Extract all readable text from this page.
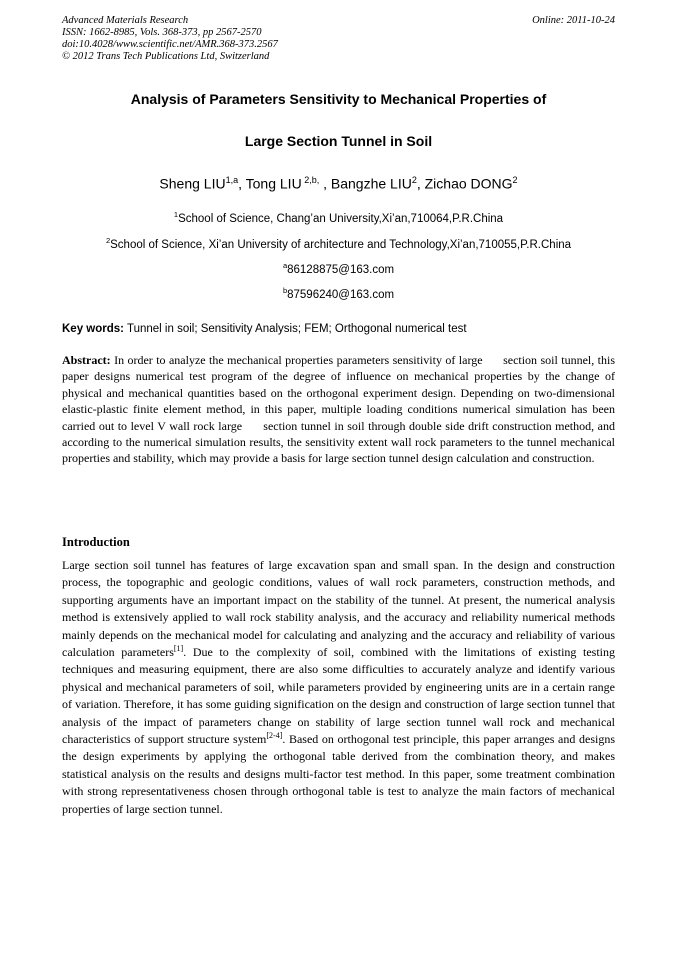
Advanced Materials Research
ISSN: 1662-8985, Vols. 368-373, pp 2567-2570
doi:10.4028/www.scientific.net/AMR.368-373.2567
© 2012 Trans Tech Publications Ltd, Switzerland
Online: 2011-10-24
Analysis of Parameters Sensitivity to Mechanical Properties of
Large Section Tunnel in Soil
Sheng LIU$^{1,a}$, Tong LIU $^{2,b,}$ , Bangzhe LIU$^2$, Zichao DONG$^2$
$^1$School of Science, Chang’an University,Xi’an,710064,P.R.China
$^2$School of Science, Xi’an University of architecture and Technology,Xi’an,710055,P.R.China
$^a$86128875@163.com
$^b$87596240@163.com
Key words: Tunnel in soil; Sensitivity Analysis; FEM; Orthogonal numerical test

Abstract: In order to analyze the mechanical properties parameters sensitivity of large      section soil tunnel, this paper designs numerical test program of the degree of influence on mechanical properties by the change of physical and mechanical quantities based on the orthogonal experiment design. Depending on two-dimensional elastic-plastic finite element method, in this paper, multiple loading conditions numerical simulation has been carried out to level V wall rock large      section tunnel in soil through double side drift construction method, and according to the numerical simulation results, the sensitivity extent wall rock parameters to the tunnel mechanical properties and stability, which may provide a basis for large section tunnel design calculation and construction.

Introduction

Large section soil tunnel has features of large excavation span and small span. In the design and construction process, the topographic and geologic conditions, values of wall rock parameters, construction methods, and supporting arguments have an important impact on the stability of the tunnel. At present, the numerical analysis method is extensively applied to wall rock stability analysis, and the accuracy and reliability numerical methods mainly depends on the mechanical model for calculating and analyzing and the accuracy and reliability of various calculation parameters[1]. Due to the complexity of soil, combined with the limitations of existing testing techniques and measuring equipment, there are also some difficulties to accurately analyze and identify various physical and mechanical parameters of soil, while parameters provided by engineering units are in a certain range of variation. Therefore, it has some guiding signification on the design and construction of large section tunnel that analysis of the impact of parameters change on stability of large section tunnel wall rock and mechanical characteristics of support structure system[2-4]. Based on orthogonal test principle, this paper arranges and designs the design experiments by applying the orthogonal table derived from the combination theory, and makes statistical analysis on the results and designs multi-factor test method. In this paper, some treatment combination with strong representativeness chosen through orthogonal table is test to analyze the main factors of mechanical properties of large section tunnel.
